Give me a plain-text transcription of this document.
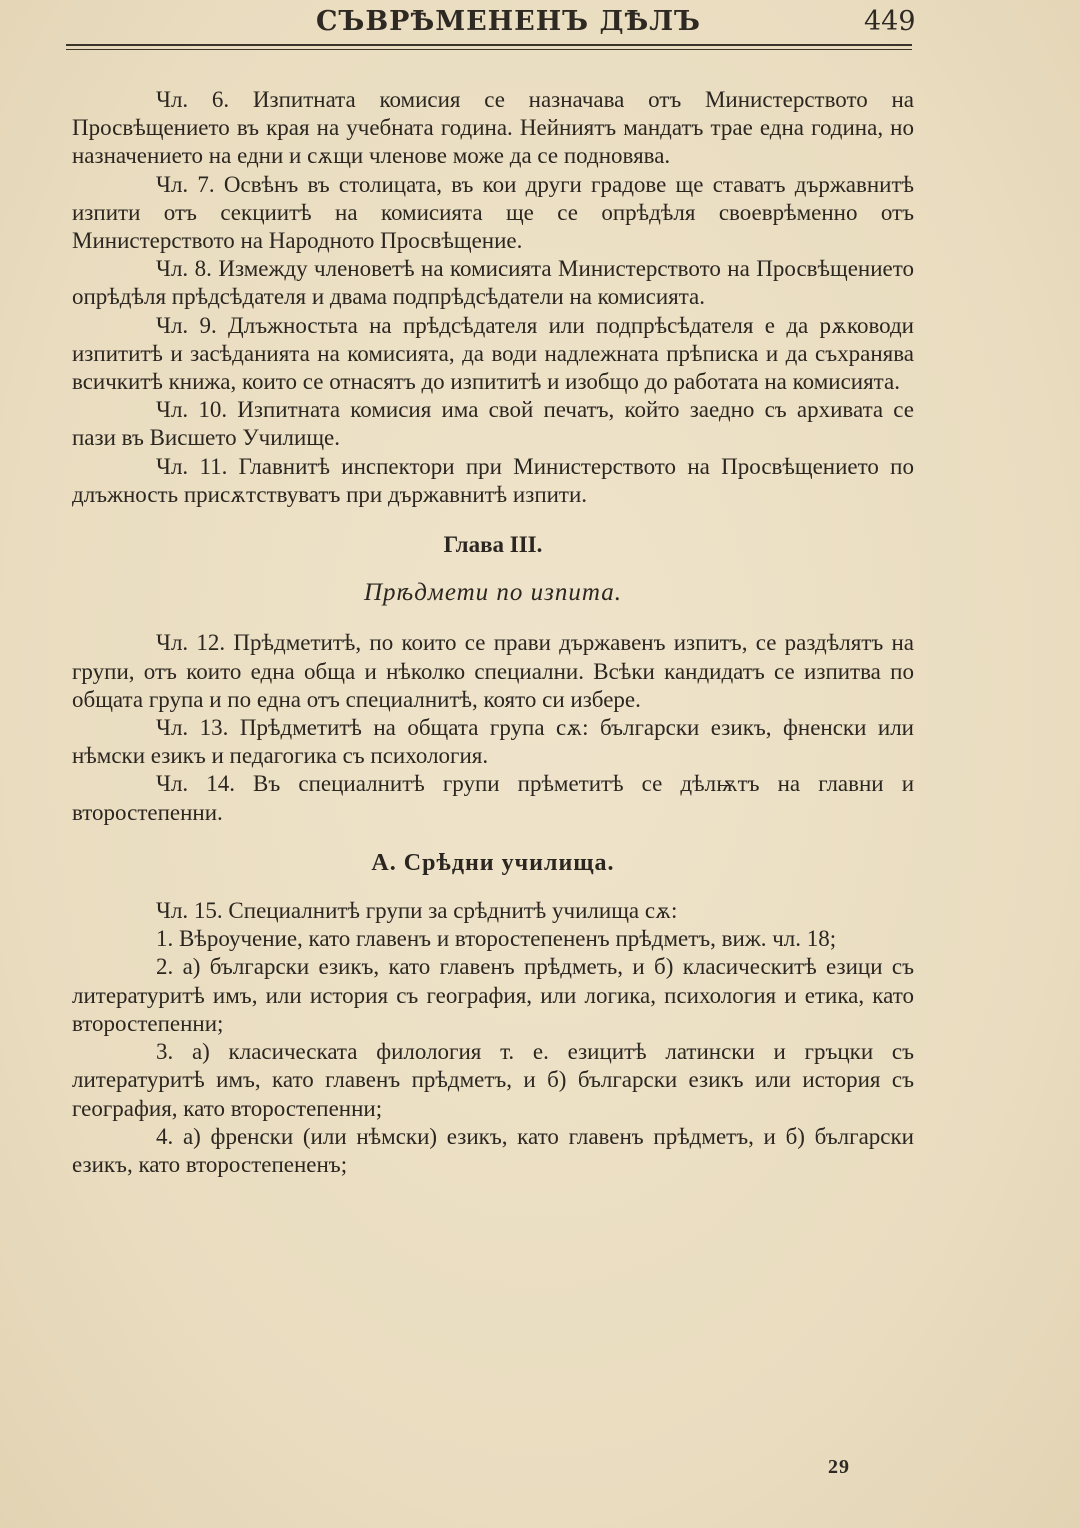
СЪВРѢМЕНЕНЪ ДѢЛЪ	449

Чл. 6. Изпитната комисия се назначава отъ Министерството на Просвѣщението въ края на учебната година. Нейниятъ мандатъ трае една година, но назначението на едни и сѫщи членове може да се подновява.

Чл. 7. Освѣнъ въ столицата, въ кои други градове ще ставатъ държавнитѣ изпити отъ секциитѣ на комисията ще се опрѣдѣля своеврѣменно отъ Министерството на Народното Просвѣщение.

Чл. 8. Измежду членоветѣ на комисията Министерството на Просвѣщението опрѣдѣля прѣдсѣдателя и двама подпрѣдсѣдатели на комисията.

Чл. 9. Длъжностьта на прѣдсѣдателя или подпрѣсѣдателя е да рѫководи изпититѣ и засѣданията на комисията, да води надлежната прѣписка и да съхранява всичкитѣ книжа, които се отнасятъ до изпититѣ и изобщо до работата на комисията.

Чл. 10. Изпитната комисия има свой печатъ, който заедно съ архивата се пази въ Висшето Училище.

Чл. 11. Главнитѣ инспектори при Министерството на Просвѣщението по длъжность присѫтствуватъ при държавнитѣ изпити.

Глава III.
Прѣдмети по изпита.

Чл. 12. Прѣдметитѣ, по които се прави държавенъ изпитъ, се раздѣлятъ на групи, отъ които една обща и нѣколко специални. Всѣки кандидатъ се изпитва по общата група и по една отъ специалнитѣ, която си избере.

Чл. 13. Прѣдметитѣ на общата група сѫ: български езикъ, фненски или нѣмски езикъ и педагогика съ психология.

Чл. 14. Въ специалнитѣ групи прѣметитѣ се дѣлѭтъ на главни и второстепенни.

А. Срѣдни училища.

Чл. 15. Специалнитѣ групи за срѣднитѣ училища сѫ:

1. Вѣроучение, като главенъ и второстепененъ прѣдметъ, виж. чл. 18;

2. а) български езикъ, като главенъ прѣдметь, и б) класическитѣ езици съ литературитѣ имъ, или история съ география, или логика, психология и етика, като второстепенни;

3. а) класическата филология т. е. езицитѣ латински и гръцки съ литературитѣ имъ, като главенъ прѣдметъ, и б) български езикъ или история съ география, като второстепенни;

4. а) френски (или нѣмски) езикъ, като главенъ прѣдметъ, и б) български езикъ, като второстепененъ;

29
